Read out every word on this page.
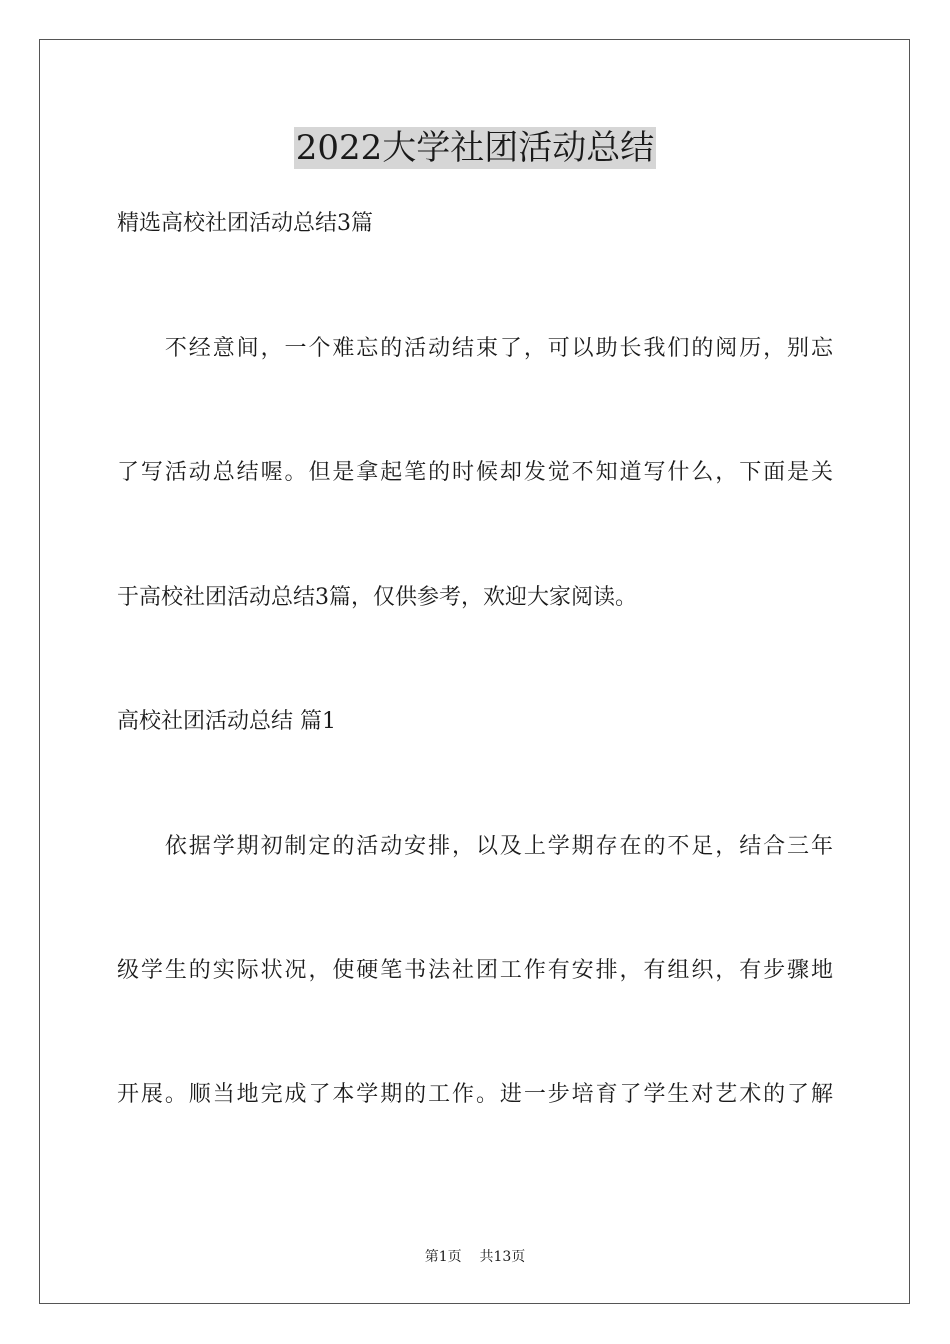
2022大学社团活动总结
精选高校社团活动总结3篇
　　不经意间，一个难忘的活动结束了，可以助长我们的阅历，别忘
了写活动总结喔。但是拿起笔的时候却发觉不知道写什么，下面是关
于高校社团活动总结3篇，仅供参考，欢迎大家阅读。
高校社团活动总结 篇1
　　依据学期初制定的活动安排，以及上学期存在的不足，结合三年
级学生的实际状况，使硬笔书法社团工作有安排，有组织，有步骤地
开展。顺当地完成了本学期的工作。进一步培育了学生对艺术的了解
第1页 共13页
